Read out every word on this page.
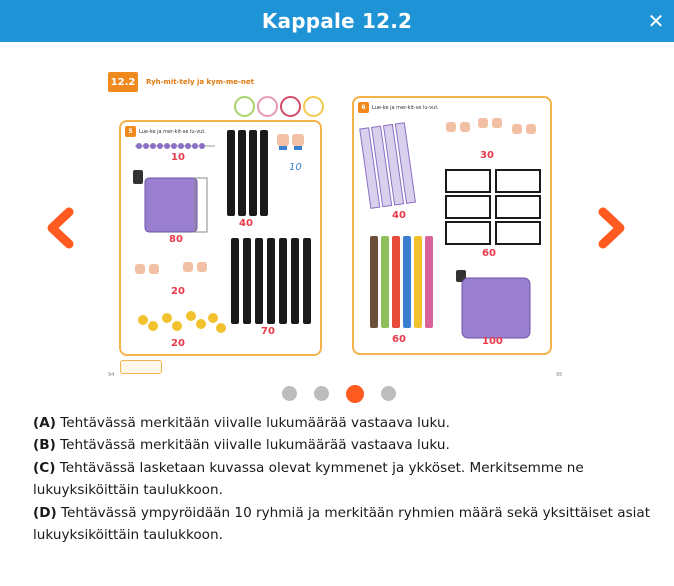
Kappale 12.2	✕
12.2	Ryh-mit-tely ja kym-me-net
5	Lue-ke ja mer-kit-se lu-vut.
10
10
40
80
20
70
20
94
6	Lue-ke ja mer-kit-se lu-vut.
30
40
60
60	100
95

(A) Tehtävässä merkitään viivalle lukumäärää vastaava luku.

(B) Tehtävässä merkitään viivalle lukumäärää vastaava luku.

(C) Tehtävässä lasketaan kuvassa olevat kymmenet ja ykköset. Merkitsemme ne lukuyksiköittäin taulukkoon.

(D) Tehtävässä ympyröidään 10 ryhmiä ja merkitään ryhmien määrä sekä yksittäiset asiat lukuyksiköittäin taulukkoon.
